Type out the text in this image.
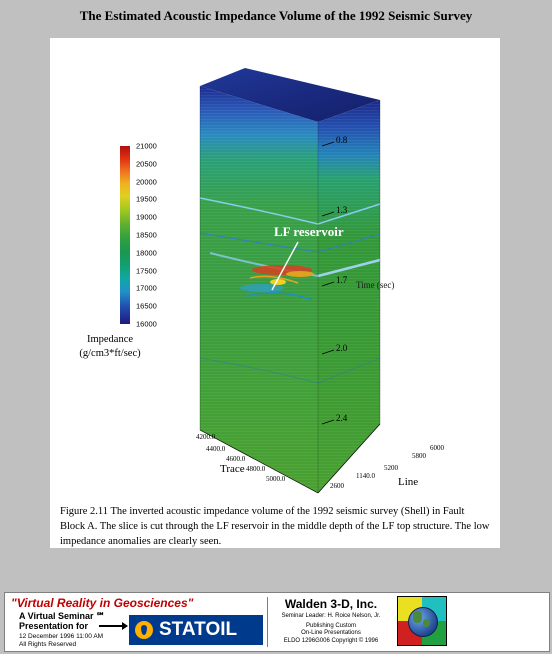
The Estimated Acoustic Impedance Volume of the 1992 Seismic Survey
0.8
1.3
1.7
2.0
2.4
Time (sec)
LF reservoir
4200.0
4400.0
4600.0
4800.0
5000.0
Trace
6000
5800
5200
1140.0
2600	Line
21000
20500
20000
19500
19000
18500
18000
17500
17000
16500
16000
Impedance
(g/cm3*ft/sec)
Figure 2.11 The inverted acoustic impedance volume of the 1992 seismic survey (Shell) in Fault Block A. The slice is cut through the LF reservoir in the middle depth of the LF top structure. The low impedance anomalies are clearly seen.
"Virtual Reality in Geosciences"
A Virtual Seminar ℠
Presentation for
12 December 1996 11:00 AM
All Rights Reserved
STATOIL
Walden 3-D, Inc.
Seminar Leader: H. Roice Nelson, Jr.
Publishing Custom
On-Line Presentations
ELDO 1296G006 Copyright © 1996
